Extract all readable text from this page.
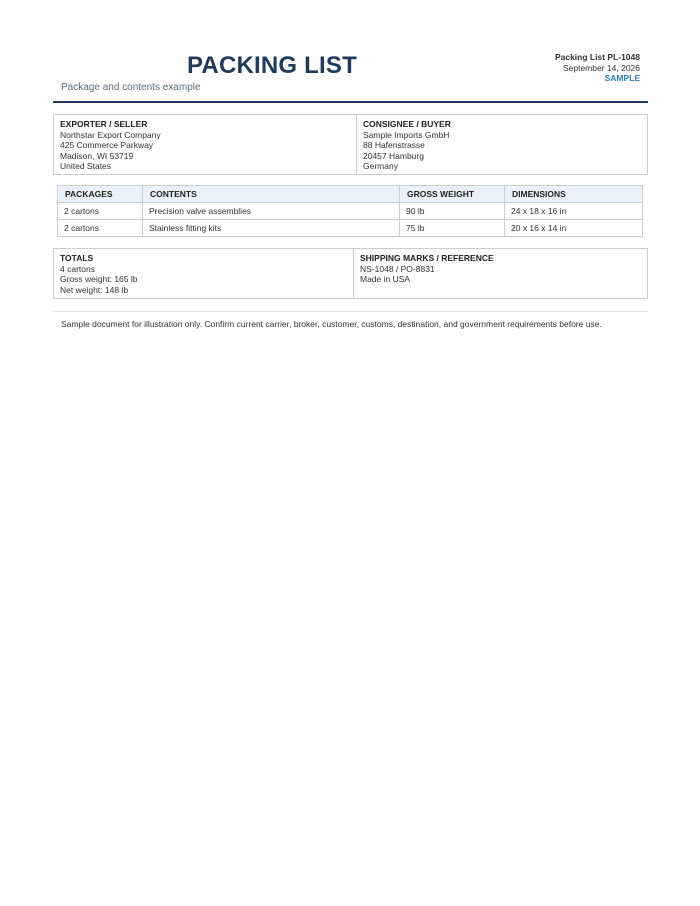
PACKING LIST
Package and contents example
Packing List PL-1048
September 14, 2026
SAMPLE
EXPORTER / SELLER
Northstar Export Company
425 Commerce Parkway
Madison, WI 53719
United States
CONSIGNEE / BUYER
Sample Imports GmbH
88 Hafenstrasse
20457 Hamburg
Germany
PACKAGES	CONTENTS	GROSS WEIGHT	DIMENSIONS
2 cartons	Precision valve assemblies	90 lb	24 x 18 x 16 in
2 cartons	Stainless fitting kits	75 lb	20 x 16 x 14 in
TOTALS
4 cartons
Gross weight: 165 lb
Net weight: 148 lb
SHIPPING MARKS / REFERENCE
NS-1048 / PO-8831
Made in USA
Sample document for illustration only. Confirm current carrier, broker, customer, customs, destination, and government requirements before use.
